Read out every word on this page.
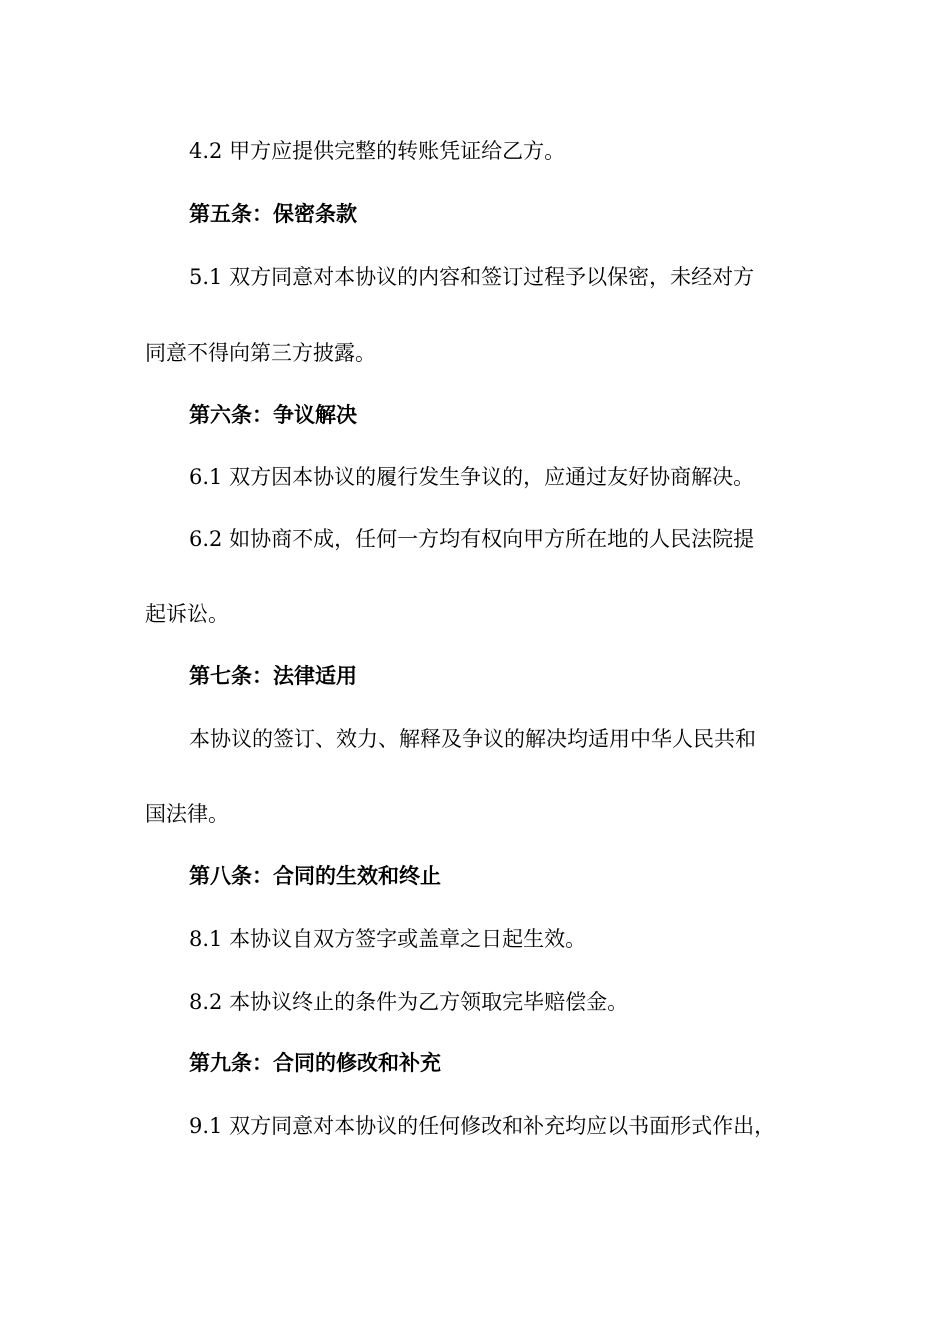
4.2 甲方应提供完整的转账凭证给乙方。
第五条：保密条款
5.1 双方同意对本协议的内容和签订过程予以保密，未经对方
同意不得向第三方披露。
第六条：争议解决
6.1 双方因本协议的履行发生争议的，应通过友好协商解决。
6.2 如协商不成，任何一方均有权向甲方所在地的人民法院提
起诉讼。
第七条：法律适用
本协议的签订、效力、解释及争议的解决均适用中华人民共和
国法律。
第八条：合同的生效和终止
8.1 本协议自双方签字或盖章之日起生效。
8.2 本协议终止的条件为乙方领取完毕赔偿金。
第九条：合同的修改和补充
9.1 双方同意对本协议的任何修改和补充均应以书面形式作出，
